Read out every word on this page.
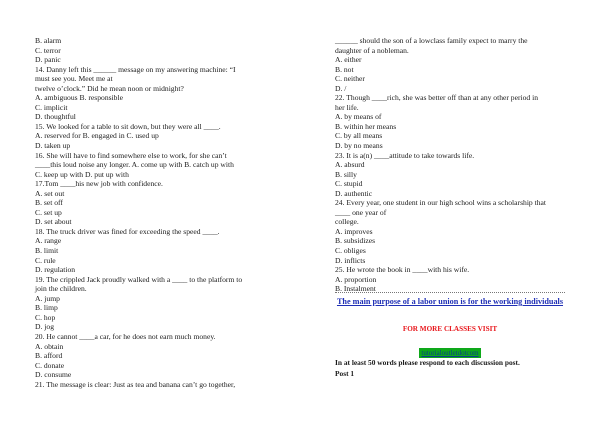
B. alarm
C. terror
D. panic
14. Danny left this ______ message on my answering machine: “I
must see you. Meet me at
twelve o’clock.” Did he mean noon or midnight?
A. ambiguous B. responsible
C. implicit
D. thoughtful
15. We looked for a table to sit down, but they were all ____.
A. reserved for B. engaged in C. used up
D. taken up
16. She will have to find somewhere else to work, for she can’t
____this loud noise any longer. A. come up with B. catch up with
C. keep up with D. put up with
17.Tom ____his new job with confidence.
A. set out
B. set off
C. set up
D. set about
18. The truck driver was fined for exceeding the speed ____.
A. range
B. limit
C. rule
D. regulation
19. The crippled Jack proudly walked with a ____ to the platform to
join the children.
A. jump
B. limp
C. hop
D. jog
20. He cannot ____a car, for he does not earn much money.
A. obtain
B. afford
C. donate
D. consume
21. The message is clear: Just as tea and banana can’t go together,
______ should the son of a lowclass family expect to marry the
daughter of a nobleman.
A. either
B. not
C. neither
D. /
22. Though ____rich, she was better off than at any other period in
her life.
A. by means of
B. within her means
C. by all means
D. by no means
23. It is a(n) ____attitude to take towards life.
A. absurd
B. silly
C. stupid
D. authentic
24. Every year, one student in our high school wins a scholarship that
____ one year of
college.
A. improves
B. subsidizes
C. obliges
D. inflicts
25. He wrote the book in ____with his wife.
A. proportion
B. Instalment
The main purpose of a labor union is for the working individuals
FOR MORE CLASSES VISIT
tutorialoutletdotcom
In at least 50 words please respond to each discussion post.
Post 1
